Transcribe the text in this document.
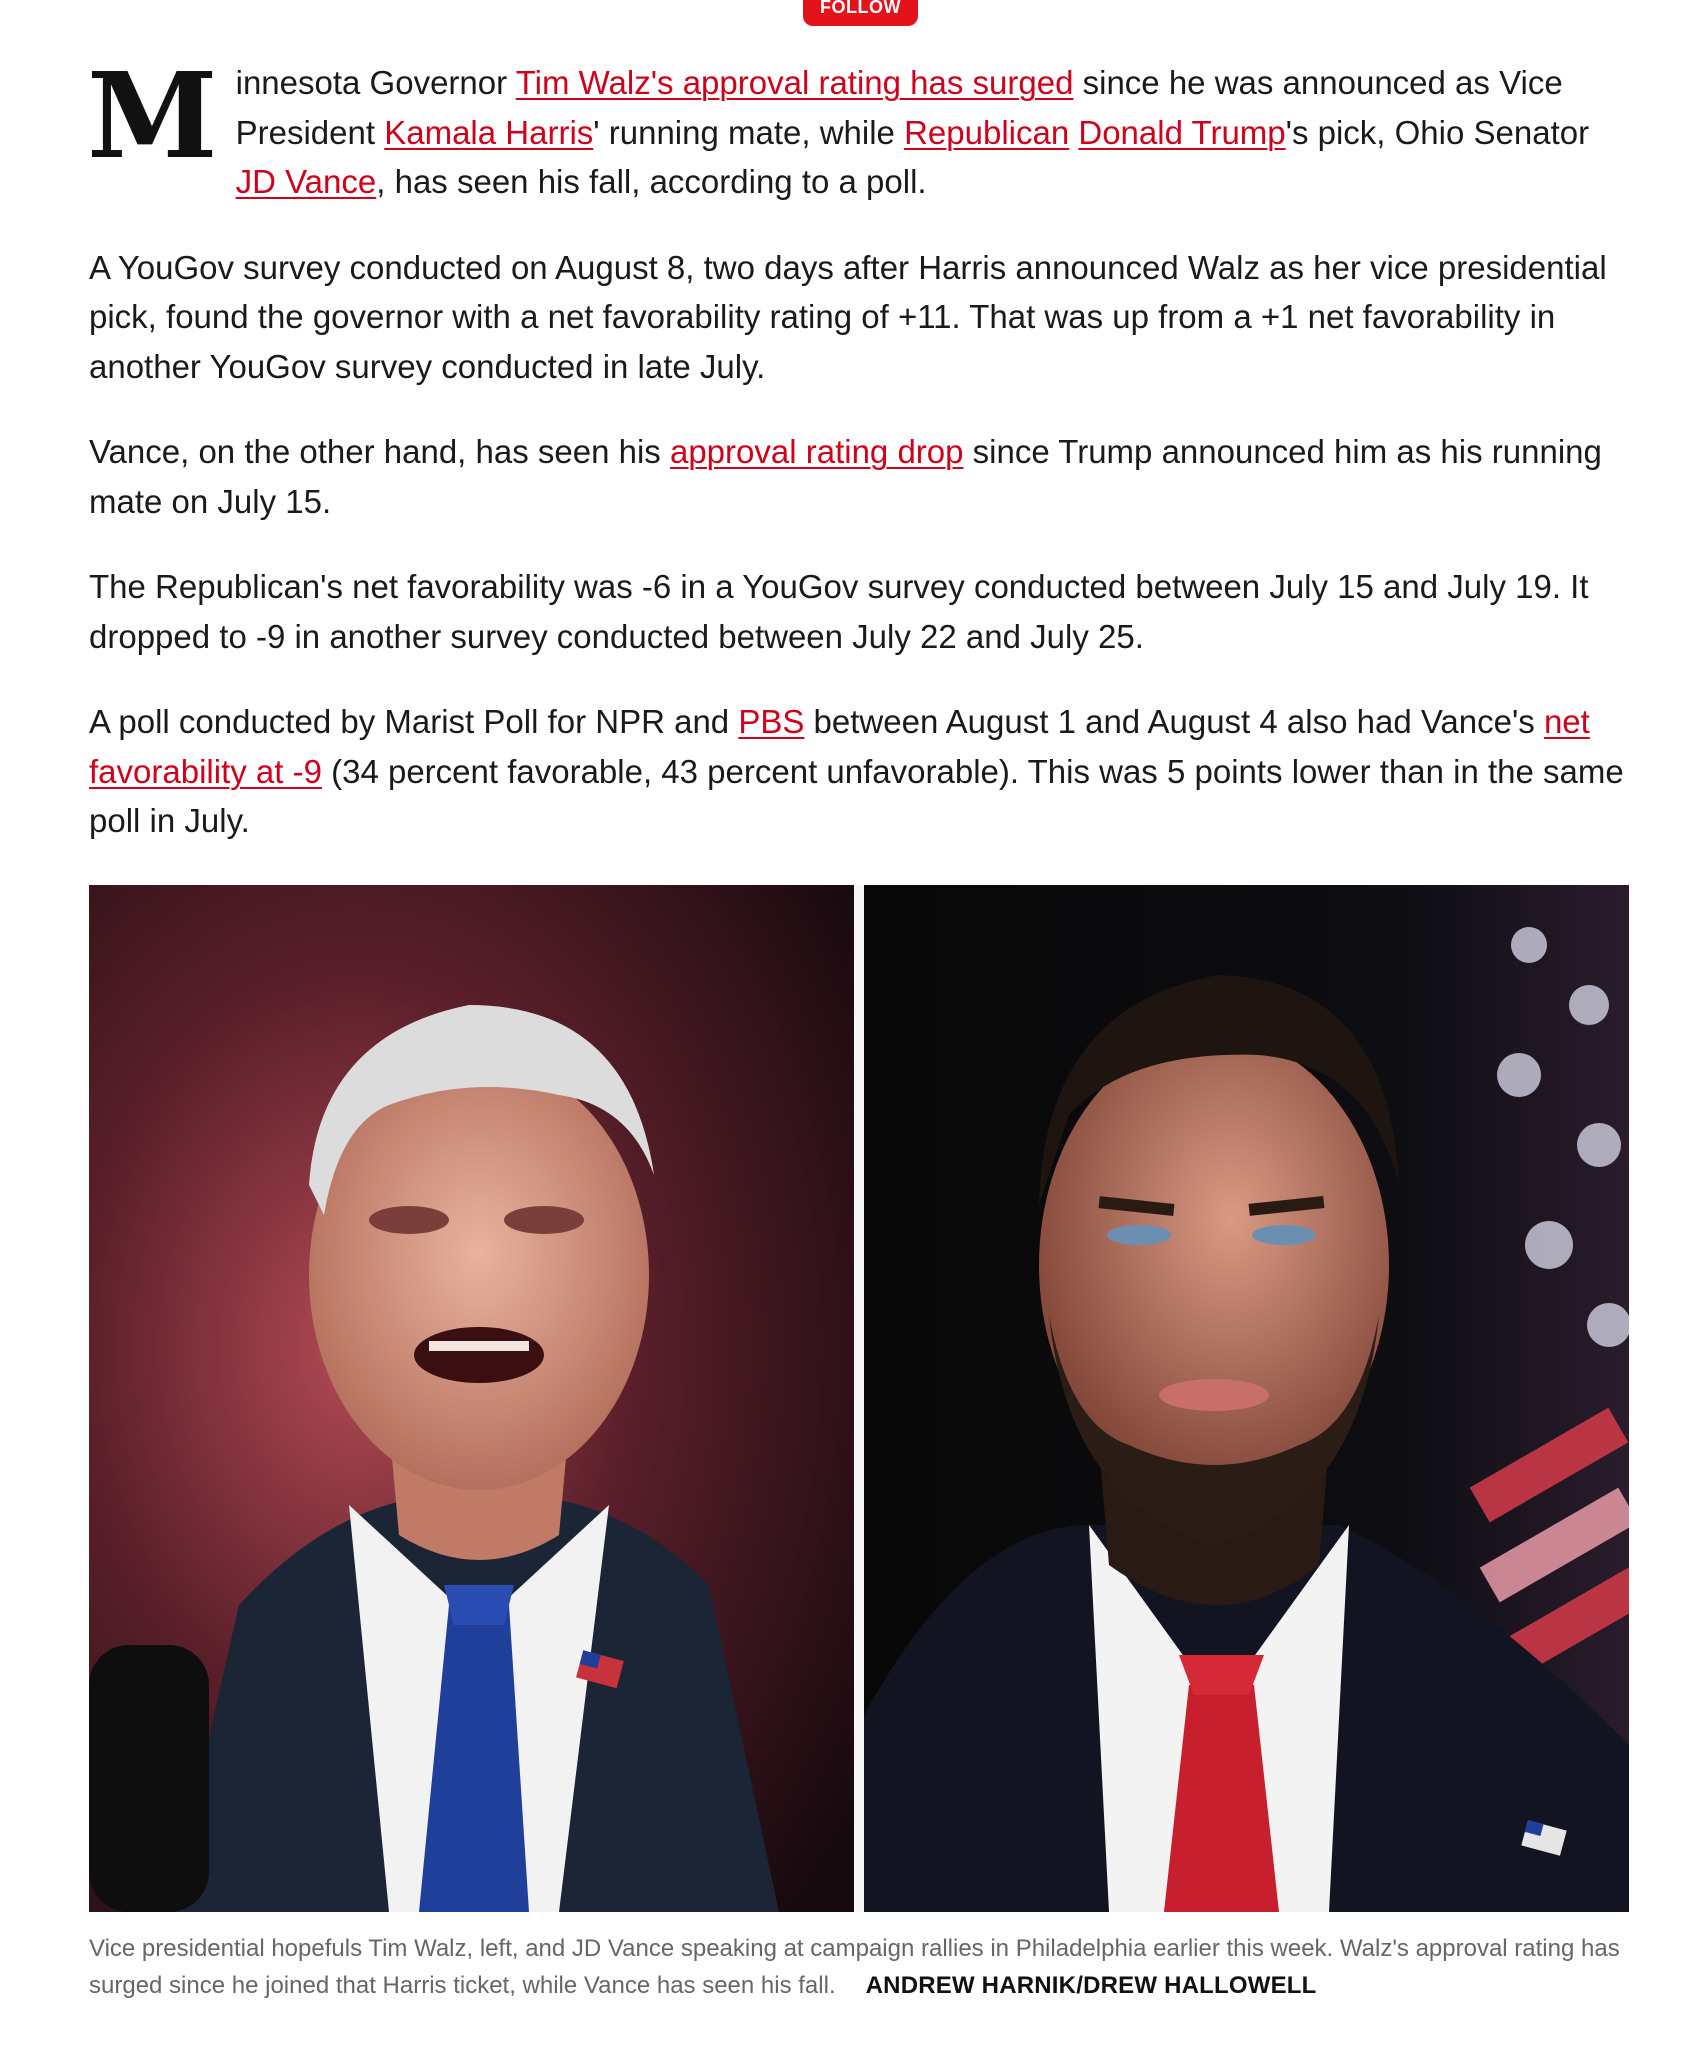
FOLLOW

Minnesota Governor Tim Walz's approval rating has surged since he was announced as Vice President Kamala Harris' running mate, while Republican Donald Trump's pick, Ohio Senator JD Vance, has seen his fall, according to a poll.

A YouGov survey conducted on August 8, two days after Harris announced Walz as her vice presidential pick, found the governor with a net favorability rating of +11. That was up from a +1 net favorability in another YouGov survey conducted in late July.

Vance, on the other hand, has seen his approval rating drop since Trump announced him as his running mate on July 15.

The Republican's net favorability was -6 in a YouGov survey conducted between July 15 and July 19. It dropped to -9 in another survey conducted between July 22 and July 25.

A poll conducted by Marist Poll for NPR and PBS between August 1 and August 4 also had Vance's net favorability at -9 (34 percent favorable, 43 percent unfavorable). This was 5 points lower than in the same poll in July.

Vice presidential hopefuls Tim Walz, left, and JD Vance speaking at campaign rallies in Philadelphia earlier this week. Walz's approval rating has surged since he joined that Harris ticket, while Vance has seen his fall. ANDREW HARNIK/DREW HALLOWELL
